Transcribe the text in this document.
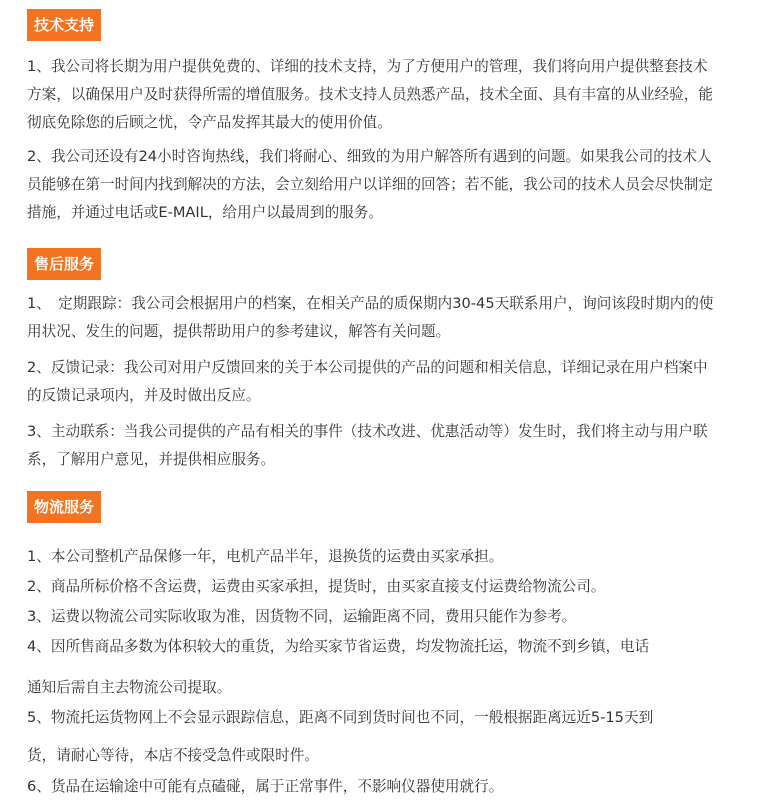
技术支持

1、我公司将长期为用户提供免费的、详细的技术支持，为了方便用户的管理，我们将向用户提供整套技术方案，以确保用户及时获得所需的增值服务。技术支持人员熟悉产品，技术全面、具有丰富的从业经验，能彻底免除您的后顾之忧，令产品发挥其最大的使用价值。

2、我公司还设有24小时咨询热线，我们将耐心、细致的为用户解答所有遇到的问题。如果我公司的技术人员能够在第一时间内找到解决的方法，会立刻给用户以详细的回答；若不能，我公司的技术人员会尽快制定措施，并通过电话或E-MAIL，给用户以最周到的服务。

售后服务

1、　定期跟踪：我公司会根据用户的档案，在相关产品的质保期内30-45天联系用户，询问该段时期内的使用状况、发生的问题，提供帮助用户的参考建议，解答有关问题。

2、反馈记录：我公司对用户反馈回来的关于本公司提供的产品的问题和相关信息，详细记录在用户档案中的反馈记录项内，并及时做出反应。

3、主动联系：当我公司提供的产品有相关的事件（技术改进、优惠活动等）发生时，我们将主动与用户联系，了解用户意见，并提供相应服务。

物流服务

1、本公司整机产品保修一年，电机产品半年，退换货的运费由买家承担。

2、商品所标价格不含运费，运费由买家承担，提货时，由买家直接支付运费给物流公司。

3、运费以物流公司实际收取为准，因货物不同，运输距离不同，费用只能作为参考。

4、因所售商品多数为体积较大的重货，为给买家节省运费，均发物流托运，物流不到乡镇，电话

通知后需自主去物流公司提取。

5、物流托运货物网上不会显示跟踪信息，距离不同到货时间也不同，一般根据距离远近5-15天到

货，请耐心等待，本店不接受急件或限时件。

6、货品在运输途中可能有点磕碰，属于正常事件，不影响仪器使用就行。
